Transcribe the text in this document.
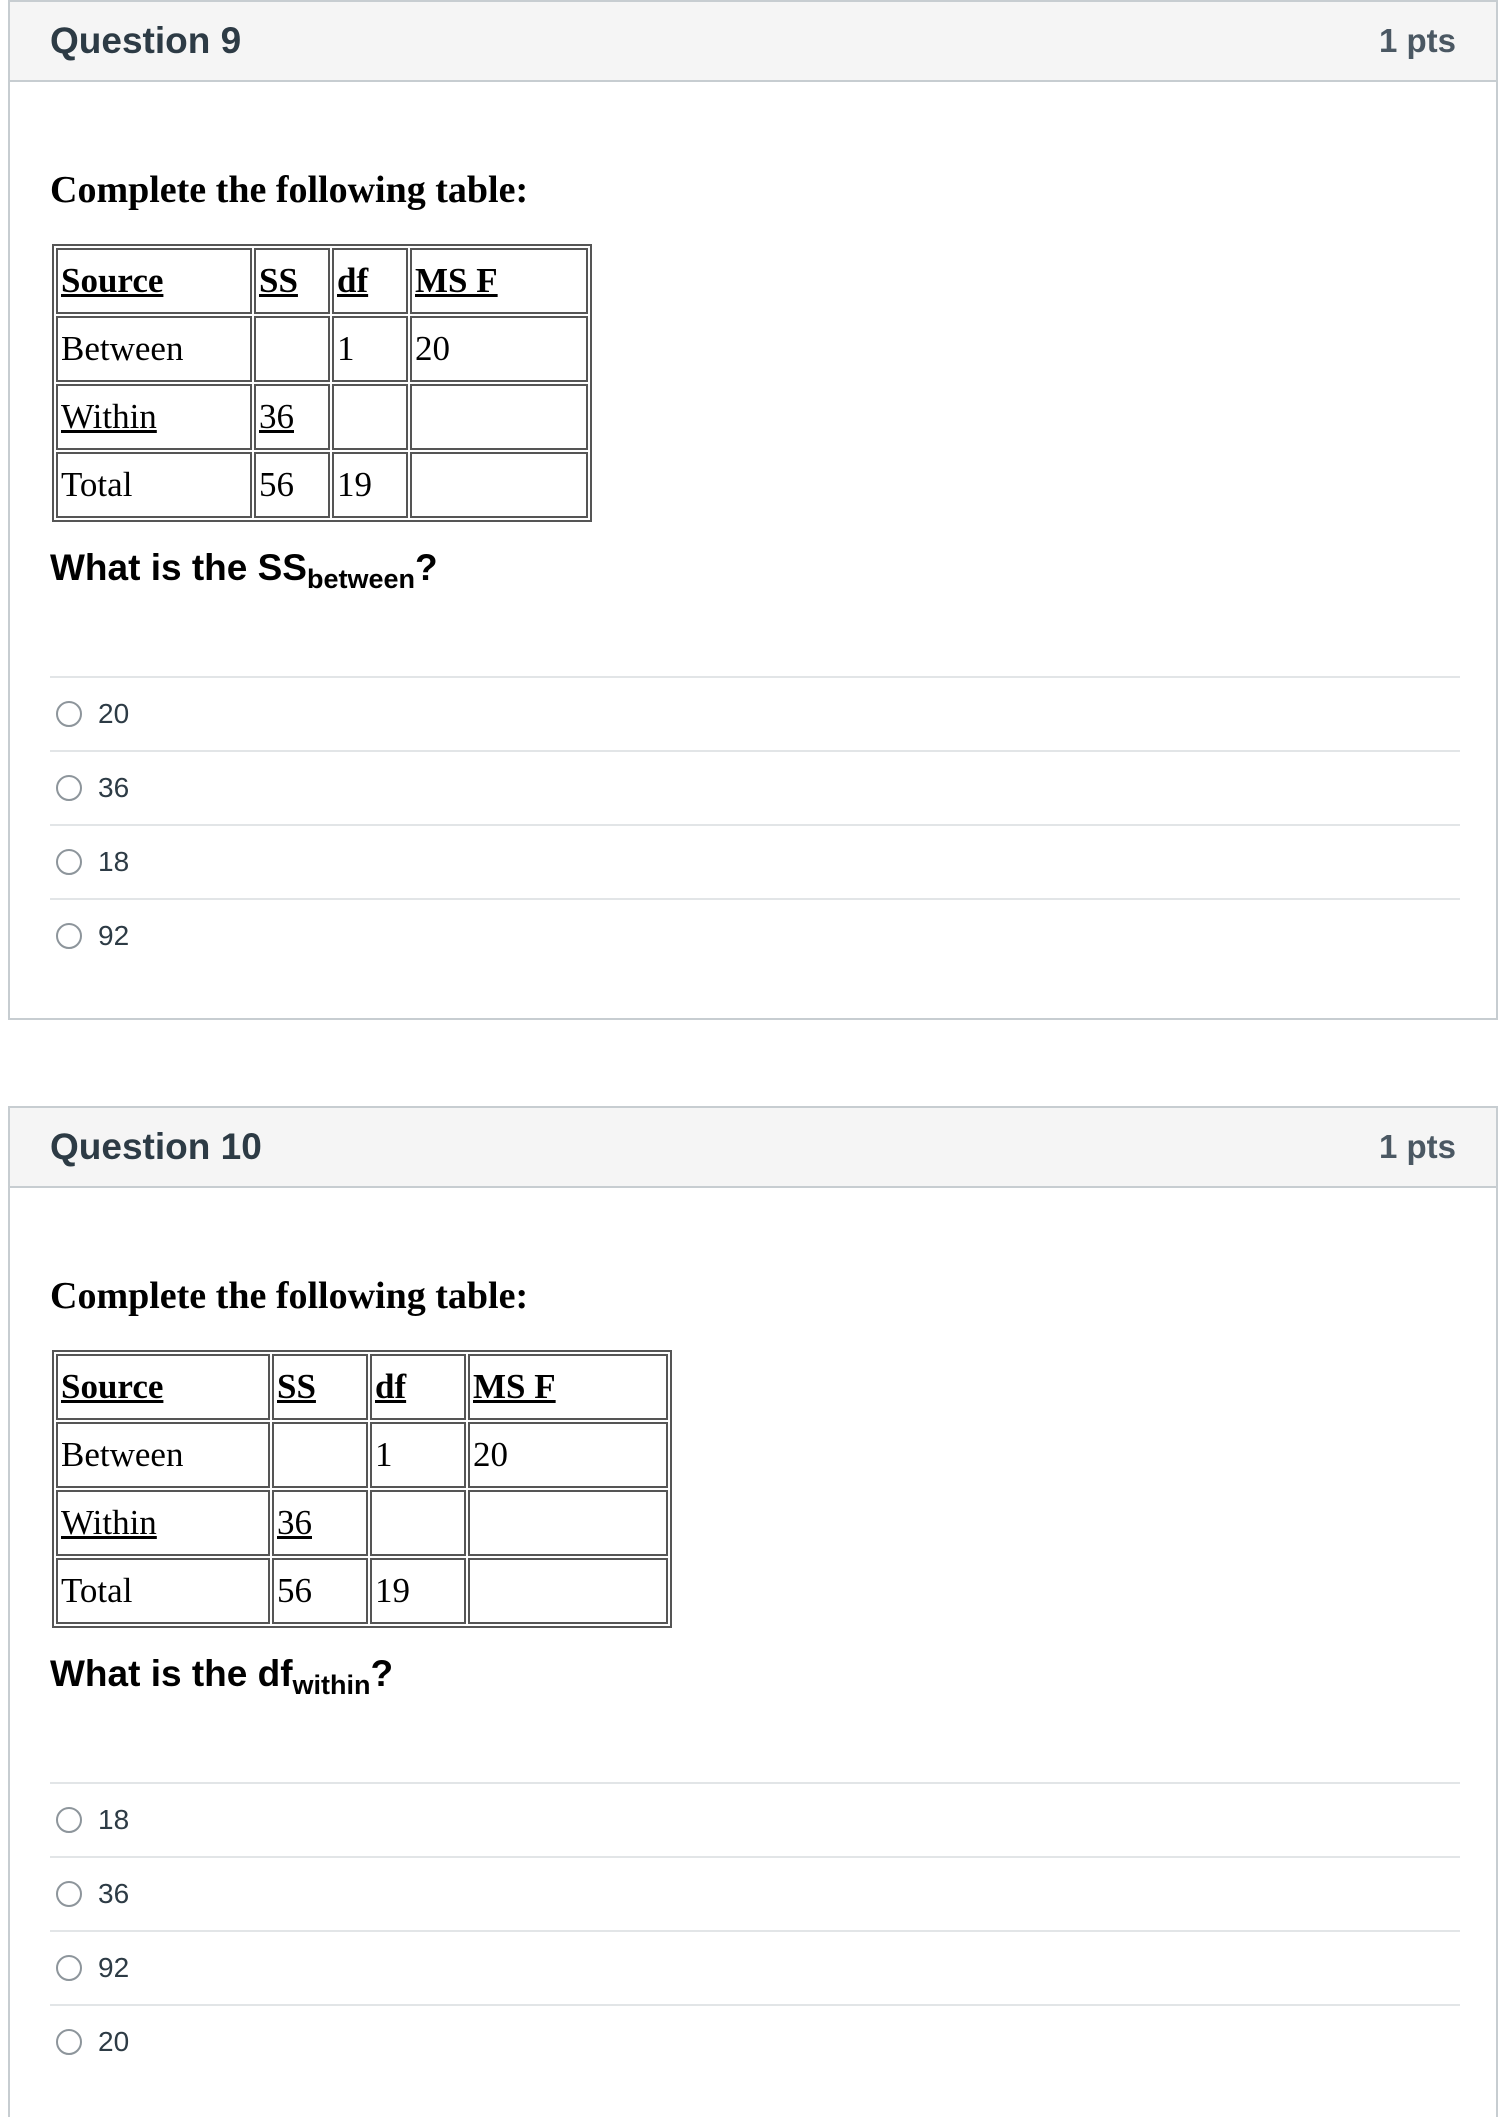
Question 9	1 pts

Complete the following table:

Source	SS	df	MS F
Between		1	20
Within	36		
Total	56	19	

What is the $SS_{between}$?

20
36
18
92
Question 10	1 pts

Complete the following table:

Source	SS	df	MS F
Between		1	20
Within	36		
Total	56	19	

What is the $df_{within}$?

18
36
92
20
